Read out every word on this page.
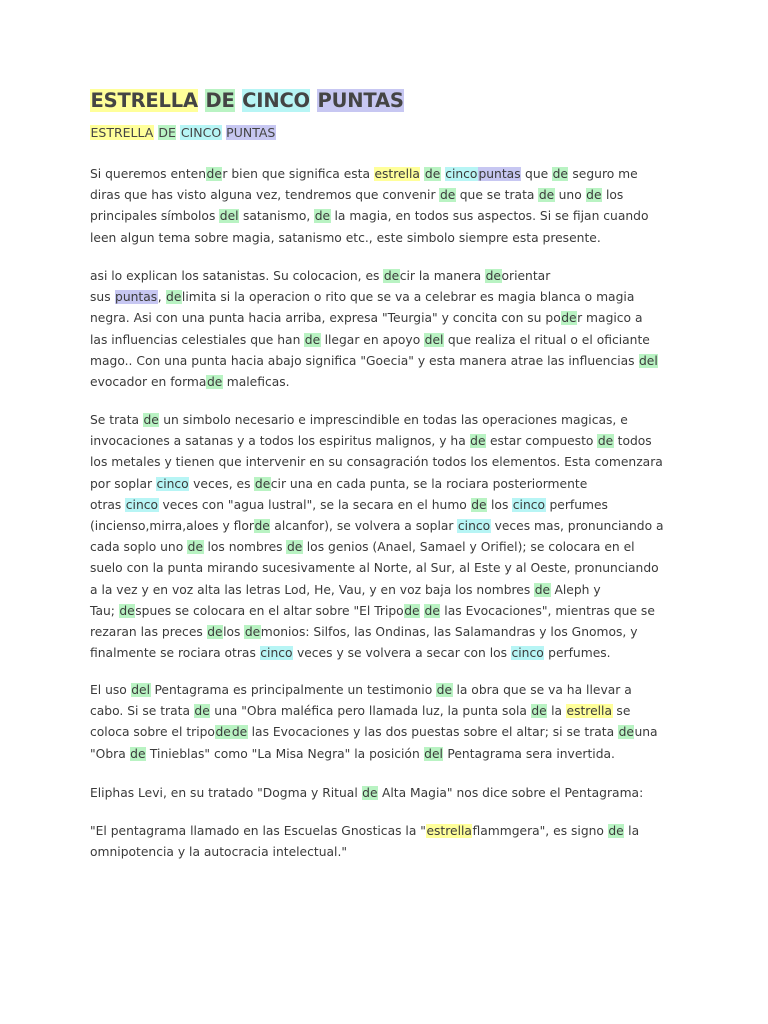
ESTRELLA DE CINCO PUNTAS
ESTRELLA DE CINCO PUNTAS
Si queremos entender bien que significa esta estrella de cincopuntas que de seguro me
diras que has visto alguna vez, tendremos que convenir de que se trata de uno de los
principales símbolos del satanismo, de la magia, en todos sus aspectos. Si se fijan cuando
leen algun tema sobre magia, satanismo etc., este simbolo siempre esta presente.
asi lo explican los satanistas. Su colocacion, es decir la manera deorientar
sus puntas, delimita si la operacion o rito que se va a celebrar es magia blanca o magia
negra. Asi con una punta hacia arriba, expresa "Teurgia" y concita con su poder magico a
las influencias celestiales que han de llegar en apoyo del que realiza el ritual o el oficiante
mago.. Con una punta hacia abajo significa "Goecia" y esta manera atrae las influencias del
evocador en formade maleficas.
Se trata de un simbolo necesario e imprescindible en todas las operaciones magicas, e
invocaciones a satanas y a todos los espiritus malignos, y ha de estar compuesto de todos
los metales y tienen que intervenir en su consagración todos los elementos. Esta comenzara
por soplar cinco veces, es decir una en cada punta, se la rociara posteriormente
otras cinco veces con "agua lustral", se la secara en el humo de los cinco perfumes
(incienso,mirra,aloes y florde alcanfor), se volvera a soplar cinco veces mas, pronunciando a
cada soplo uno de los nombres de los genios (Anael, Samael y Orifiel); se colocara en el
suelo con la punta mirando sucesivamente al Norte, al Sur, al Este y al Oeste, pronunciando
a la vez y en voz alta las letras Lod, He, Vau, y en voz baja los nombres de Aleph y
Tau; despues se colocara en el altar sobre "El Tripode de las Evocaciones", mientras que se
rezaran las preces delos demonios: Silfos, las Ondinas, las Salamandras y los Gnomos, y
finalmente se rociara otras cinco veces y se volvera a secar con los cinco perfumes.
El uso del Pentagrama es principalmente un testimonio de la obra que se va ha llevar a
cabo. Si se trata de una "Obra maléfica pero llamada luz, la punta sola de la estrella se
coloca sobre el tripodede las Evocaciones y las dos puestas sobre el altar; si se trata deuna
"Obra de Tinieblas" como "La Misa Negra" la posición del Pentagrama sera invertida.
Eliphas Levi, en su tratado "Dogma y Ritual de Alta Magia" nos dice sobre el Pentagrama:
"El pentagrama llamado en las Escuelas Gnosticas la "estrellaflammgera", es signo de la
omnipotencia y la autocracia intelectual."
